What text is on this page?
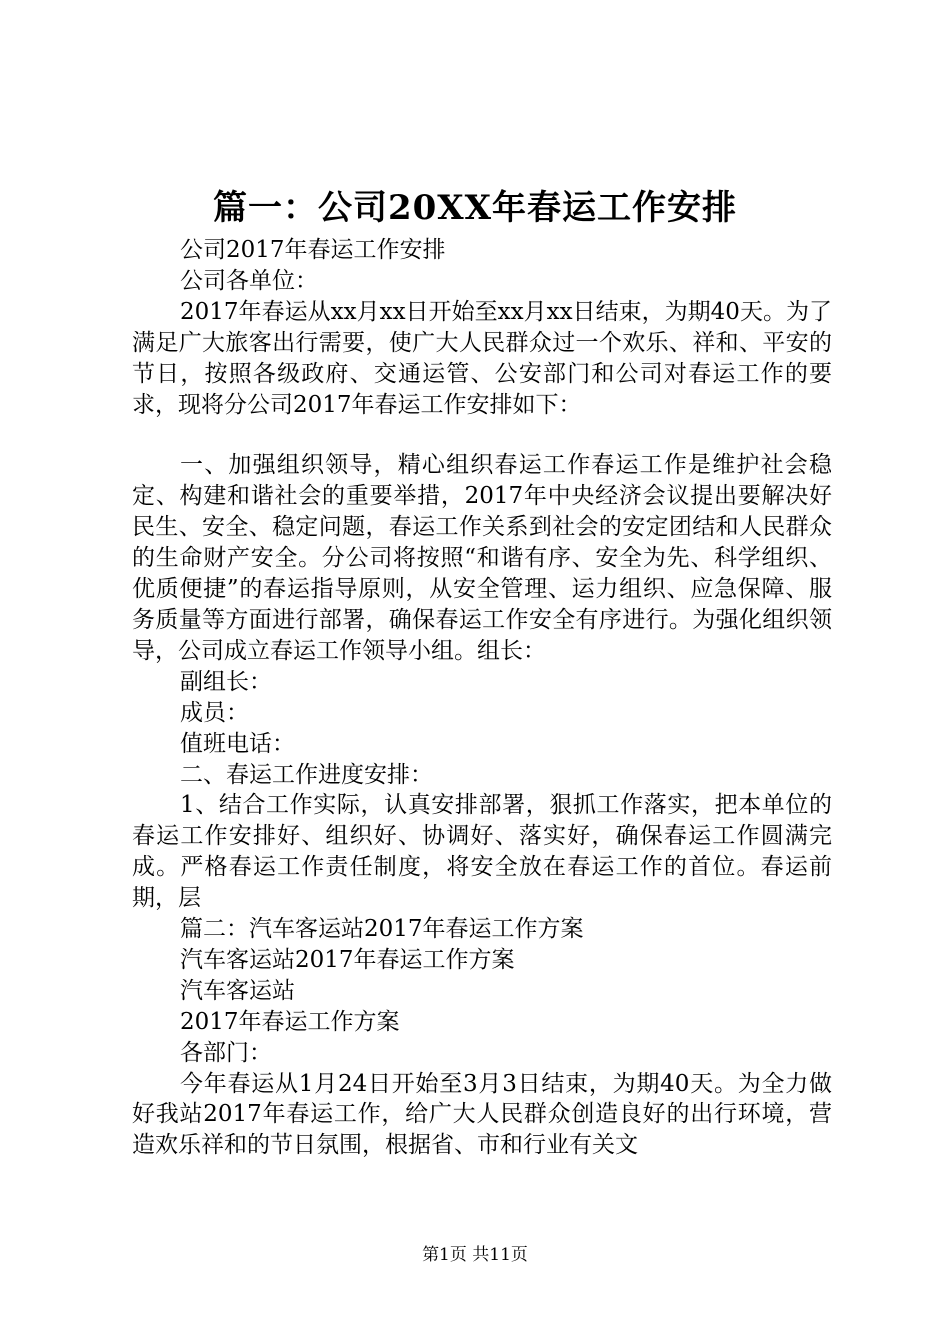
篇一：公司20XX年春运工作安排

公司2017年春运工作安排

公司各单位：

2017年春运从xx月xx日开始至xx月xx日结束，为期40天。为了满足广大旅客出行需要，使广大人民群众过一个欢乐、祥和、平安的节日，按照各级政府、交通运管、公安部门和公司对春运工作的要求，现将分公司2017年春运工作安排如下：

一、加强组织领导，精心组织春运工作春运工作是维护社会稳定、构建和谐社会的重要举措，2017年中央经济会议提出要解决好民生、安全、稳定问题，春运工作关系到社会的安定团结和人民群众的生命财产安全。分公司将按照“和谐有序、安全为先、科学组织、优质便捷”的春运指导原则，从安全管理、运力组织、应急保障、服务质量等方面进行部署，确保春运工作安全有序进行。为强化组织领导，公司成立春运工作领导小组。组长：

副组长：

成员：

值班电话：

二、春运工作进度安排：

1、结合工作实际，认真安排部署，狠抓工作落实，把本单位的春运工作安排好、组织好、协调好、落实好，确保春运工作圆满完成。严格春运工作责任制度，将安全放在春运工作的首位。春运前期，层

篇二：汽车客运站2017年春运工作方案

汽车客运站2017年春运工作方案

汽车客运站

2017年春运工作方案

各部门：

今年春运从1月24日开始至3月3日结束，为期40天。为全力做好我站2017年春运工作，给广大人民群众创造良好的出行环境，营造欢乐祥和的节日氛围，根据省、市和行业有关文

第1页 共11页
